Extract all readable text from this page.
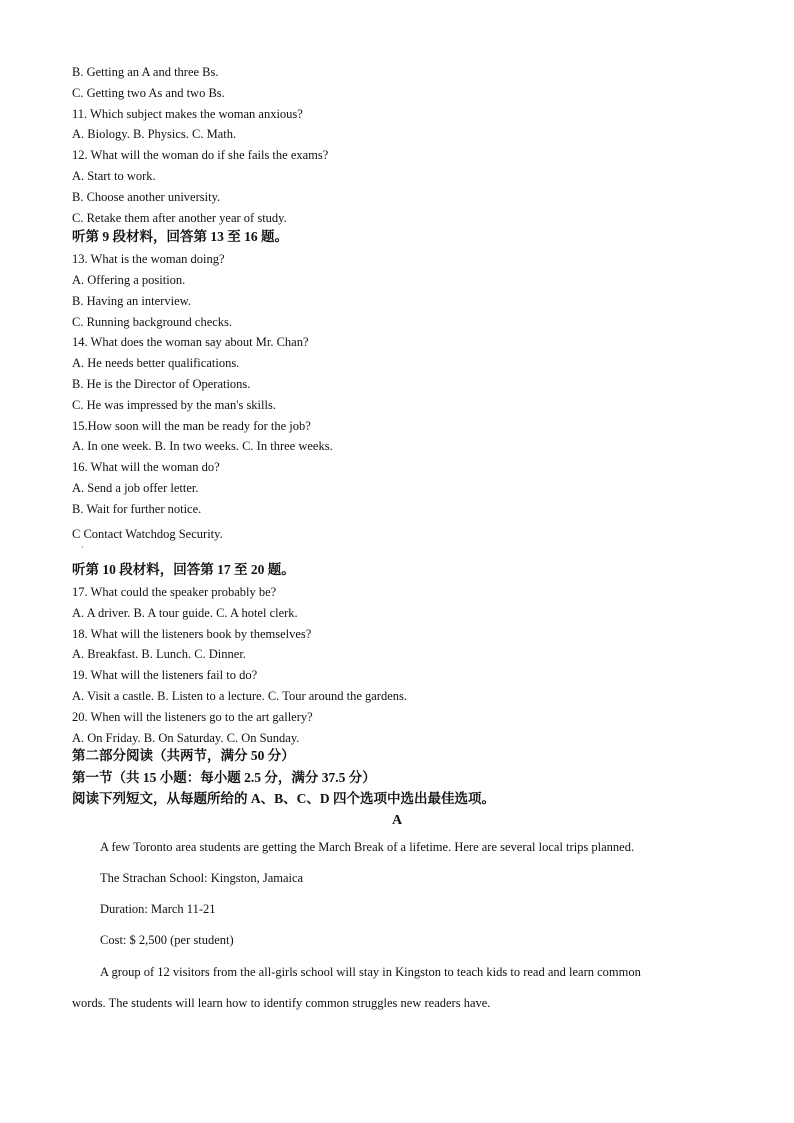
B. Getting an A and three Bs.
C. Getting two As and two Bs.
11. Which subject makes the woman anxious?
A. Biology. B. Physics. C. Math.
12. What will the woman do if she fails the exams?
A. Start to work.
B. Choose another university.
C. Retake them after another year of study.
听第 9 段材料，回答第 13 至 16 题。
13. What is the woman doing?
A. Offering a position.
B. Having an interview.
C. Running background checks.
14. What does the woman say about Mr. Chan?
A. He needs better qualifications.
B. He is the Director of Operations.
C. He was impressed by the man's skills.
15.How soon will the man be ready for the job?
A. In one week. B. In two weeks. C. In three weeks.
16. What will the woman do?
A. Send a job offer letter.
B. Wait for further notice.
C Contact Watchdog Security.
·
听第 10 段材料，回答第 17 至 20 题。
17. What could the speaker probably be?
A. A driver. B. A tour guide. C. A hotel clerk.
18. What will the listeners book by themselves?
A. Breakfast. B. Lunch. C. Dinner.
19. What will the listeners fail to do?
A. Visit a castle. B. Listen to a lecture. C. Tour around the gardens.
20. When will the listeners go to the art gallery?
A. On Friday. B. On Saturday. C. On Sunday.
第二部分阅读（共两节，满分 50 分）
第一节（共 15 小题：每小题 2.5 分，满分 37.5 分）
阅读下列短文，从每题所给的 A、B、C、D 四个选项中选出最佳选项。
A
A few Toronto area students are getting the March Break of a lifetime. Here are several local trips planned.
The Strachan School: Kingston, Jamaica
Duration: March 11-21
Cost: $ 2,500 (per student)
A group of 12 visitors from the all-girls school will stay in Kingston to teach kids to read and learn common
words. The students will learn how to identify common struggles new readers have.
